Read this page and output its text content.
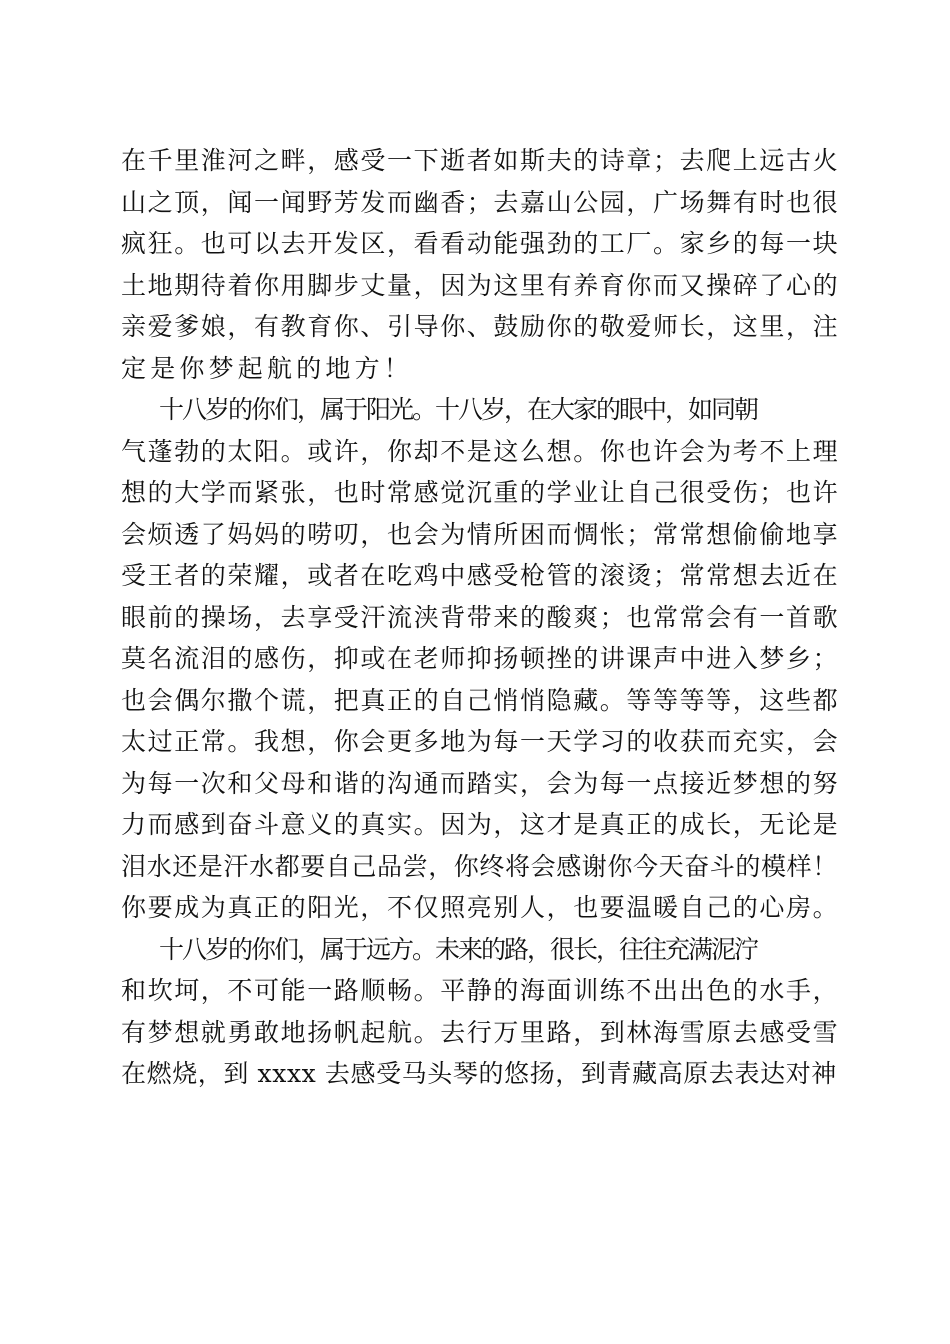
在千里淮河之畔，感受一下逝者如斯夫的诗章；去爬上远古火
山之顶，闻一闻野芳发而幽香；去嘉山公园，广场舞有时也很
疯狂。也可以去开发区，看看动能强劲的工厂。家乡的每一块
土地期待着你用脚步丈量，因为这里有养育你而又操碎了心的
亲爱爹娘，有教育你、引导你、鼓励你的敬爱师长，这里，注
定是你梦起航的地方！
十八岁的你们，属于阳光。十八岁，在大家的眼中，如同朝
气蓬勃的太阳。或许，你却不是这么想。你也许会为考不上理
想的大学而紧张，也时常感觉沉重的学业让自己很受伤；也许
会烦透了妈妈的唠叨，也会为情所困而惆怅；常常想偷偷地享
受王者的荣耀，或者在吃鸡中感受枪管的滚烫；常常想去近在
眼前的操场，去享受汗流浃背带来的酸爽；也常常会有一首歌
莫名流泪的感伤，抑或在老师抑扬顿挫的讲课声中进入梦乡；
也会偶尔撒个谎，把真正的自己悄悄隐藏。等等等等，这些都
太过正常。我想，你会更多地为每一天学习的收获而充实，会
为每一次和父母和谐的沟通而踏实，会为每一点接近梦想的努
力而感到奋斗意义的真实。因为，这才是真正的成长，无论是
泪水还是汗水都要自己品尝，你终将会感谢你今天奋斗的模样！
你要成为真正的阳光，不仅照亮别人，也要温暖自己的心房。
十八岁的你们，属于远方。未来的路，很长，往往充满泥泞
和坎坷，不可能一路顺畅。平静的海面训练不出出色的水手，
有梦想就勇敢地扬帆起航。去行万里路，到林海雪原去感受雪
在燃烧，到 xxxx 去感受马头琴的悠扬，到青藏高原去表达对神
